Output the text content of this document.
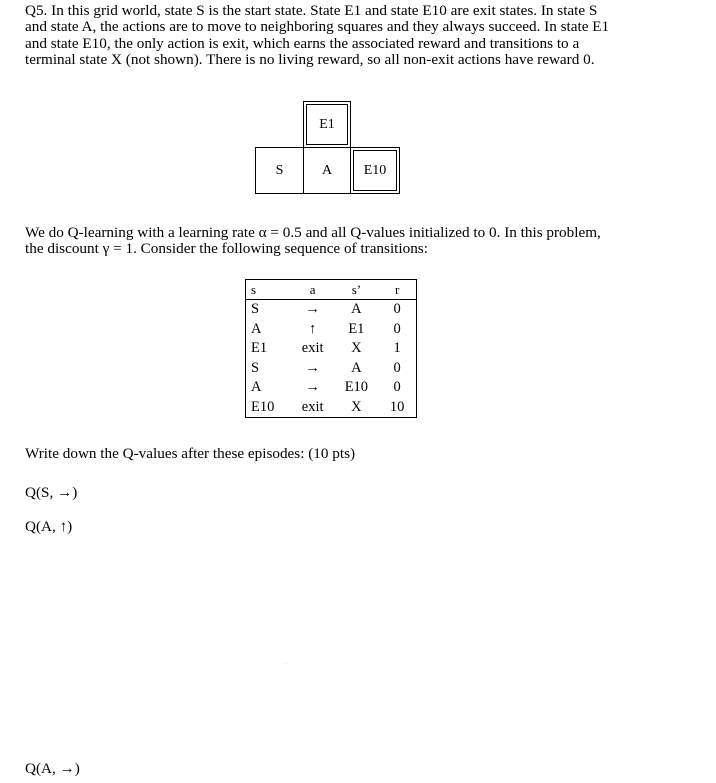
Q5. In this grid world, state S is the start state. State E1 and state E10 are exit states. In state S
and state A, the actions are to move to neighboring squares and they always succeed. In state E1
and state E10, the only action is exit, which earns the associated reward and transitions to a
terminal state X (not shown). There is no living reward, so all non-exit actions have reward 0.
E1
S	A E10
We do Q-learning with a learning rate α = 0.5 and all Q-values initialized to 0. In this problem,
the discount γ = 1. Consider the following sequence of transitions:
s	a	s’	r
S	→	A	0
A	↑	E1	0
E1	exit	X	1
S	→	A	0
A	→	E10	0
E10	exit	X	10
Write down the Q-values after these episodes: (10 pts)
Q(S, →)
Q(A, ↑)
Q(A, →)
